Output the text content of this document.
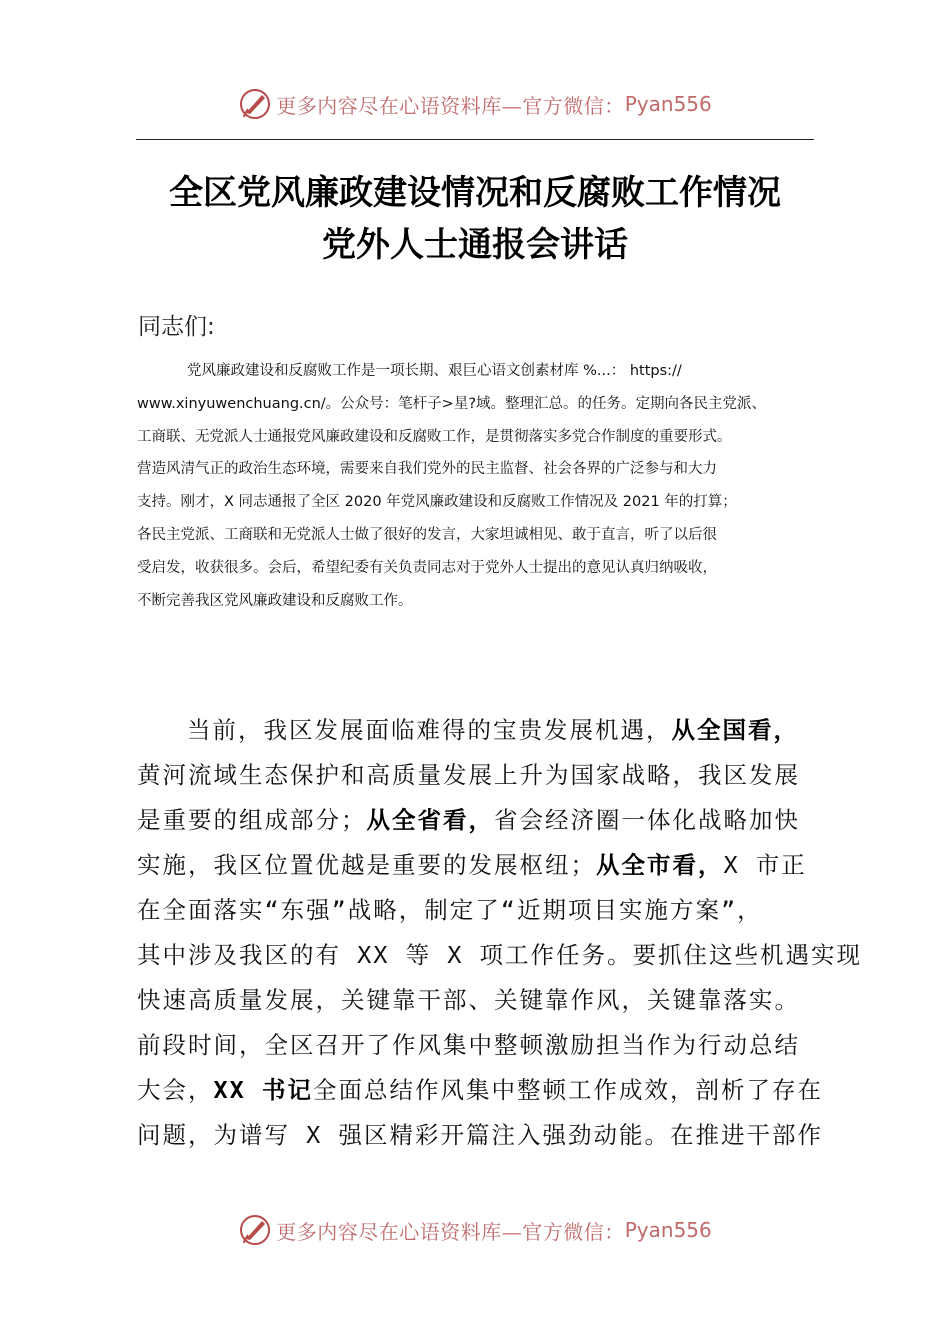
更多内容尽在心语资料库—官方微信： Pyan556
全区党风廉政建设情况和反腐败工作情况
党外人士通报会讲话
同志们:
党风廉政建设和反腐败工作是一项长期、艰巨心语文创素材库 %...： https://
www.xinyuwenchuang.cn/。公众号：笔杆子>星?域。整理汇总。的任务。定期向各民主党派、
工商联、无党派人士通报党风廉政建设和反腐败工作，是贯彻落实多党合作制度的重要形式。
营造风清气正的政治生态环境，需要来自我们党外的民主监督、社会各界的广泛参与和大力
支持。刚才，X 同志通报了全区 2020 年党风廉政建设和反腐败工作情况及 2021 年的打算；
各民主党派、工商联和无党派人士做了很好的发言，大家坦诚相见、敢于直言，听了以后很
受启发，收获很多。会后，希望纪委有关负责同志对于党外人士提出的意见认真归纳吸收，
不断完善我区党风廉政建设和反腐败工作。
当前，我区发展面临难得的宝贵发展机遇，从全国看，
黄河流域生态保护和高质量发展上升为国家战略，我区发展
是重要的组成部分；从全省看，省会经济圈一体化战略加快
实施，我区位置优越是重要的发展枢纽；从全市看，X 市正
在全面落实“东强”战略，制定了“近期项目实施方案”，
其中涉及我区的有 XX 等 X 项工作任务。要抓住这些机遇实现
快速高质量发展，关键靠干部、关键靠作风，关键靠落实。
前段时间，全区召开了作风集中整顿激励担当作为行动总结
大会，XX 书记全面总结作风集中整顿工作成效，剖析了存在
问题，为谱写 X 强区精彩开篇注入强劲动能。在推进干部作
更多内容尽在心语资料库—官方微信： Pyan556
